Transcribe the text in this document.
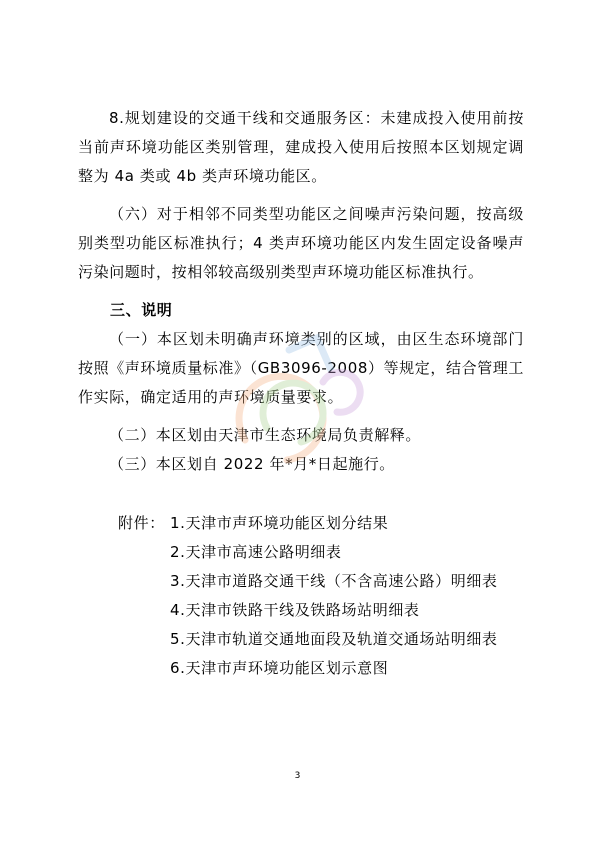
8.规划建设的交通干线和交通服务区：未建成投入使用前按当前声环境功能区类别管理，建成投入使用后按照本区划规定调整为 4a 类或 4b 类声环境功能区。

（六）对于相邻不同类型功能区之间噪声污染问题，按高级别类型功能区标准执行；4 类声环境功能区内发生固定设备噪声污染问题时，按相邻较高级别类型声环境功能区标准执行。

三、说明

（一）本区划未明确声环境类别的区域，由区生态环境部门按照《声环境质量标准》（GB3096-2008）等规定，结合管理工作实际，确定适用的声环境质量要求。

（二）本区划由天津市生态环境局负责解释。

（三）本区划自 2022 年*月*日起施行。

附件： 1.天津市声环境功能区划分结果
2.天津市高速公路明细表
3.天津市道路交通干线（不含高速公路）明细表
4.天津市铁路干线及铁路场站明细表
5.天津市轨道交通地面段及轨道交通场站明细表
6.天津市声环境功能区划示意图
3
